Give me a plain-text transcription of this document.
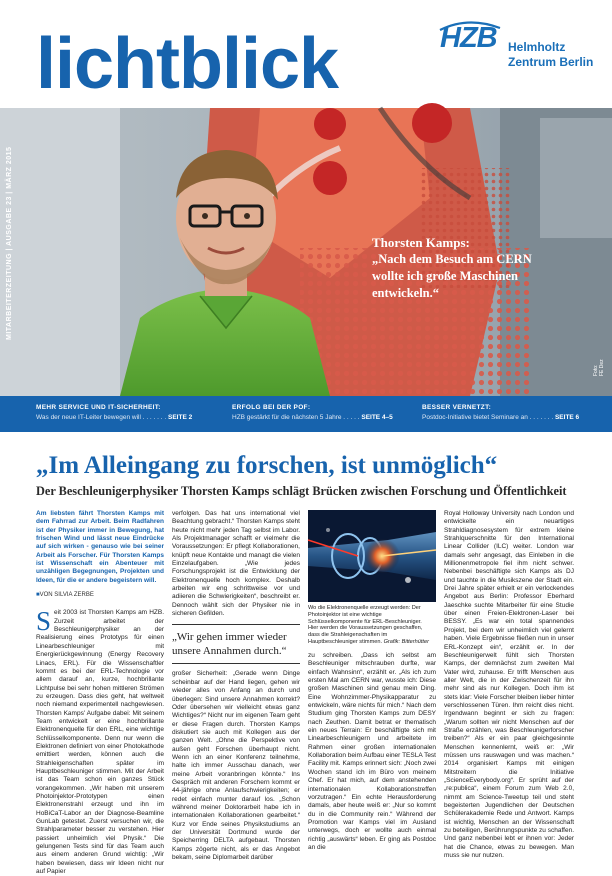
lichtblick	HZB Helmholtz
Zentrum Berlin
MITARBEITERZEITUNG | AUSGABE 23 | MÄRZ 2015	Thorsten Kamps:
„Nach dem Besuch am CERN wollte ich große Maschinen entwickeln.“
Foto: FE Dez
MEHR SERVICE UND IT-SICHERHEIT:
Was der neue IT-Leiter bewegen will . . . . . . . SEITE 2
ERFOLG BEI DER POF:
HZB gestärkt für die nächsten 5 Jahre . . . . . SEITE 4–5
BESSER VERNETZT:
Postdoc-Initiative bietet Seminare an . . . . . . . SEITE 6
„Im Alleingang zu forschen, ist unmöglich“
Der Beschleunigerphysiker Thorsten Kamps schlägt Brücken zwischen Forschung und Öffentlichkeit
Am liebsten fährt Thorsten Kamps mit dem Fahrrad zur Arbeit. Beim Radfahren ist der Physiker immer in Bewegung, hat frischen Wind und lässt neue Eindrücke auf sich wirken - genauso wie bei seiner Arbeit als Forscher. Für Thorsten Kamps ist Wissenschaft ein Abenteuer mit unzähligen Begegnungen, Projekten und Ideen, für die er andere begeistern will.
■ VON SILVIA ZERBE
S eit 2003 ist Thorsten Kamps am HZB. Zurzeit arbeitet der Beschleunigerphysiker an der Realisierung eines Prototyps für einen Linearbeschleuniger mit Energierückgewinnung (Energy Recovery Linacs, ERL). Für die Wissenschaftler kommt es bei der ERL-Technologie vor allem darauf an, kurze, hochbrillante Lichtpulse bei sehr hohen mittleren Strömen zu erzeugen. Dass dies geht, hat weltweit noch niemand experimentell nachgewiesen. Thorsten Kamps' Aufgabe dabei: Mit seinem Team entwickelt er eine hochbrillante Elektronenquelle für den ERL, eine wichtige Schlüsselkomponente. Denn nur wenn die Elektronen definiert von einer Photokathode emittiert werden, können auch die Strahleigenschaften später im Hauptbeschleuniger stimmen. Mit der Arbeit ist das Team schon ein ganzes Stück vorangekommen. „Wir haben mit unserem Photoinjektor-Prototypen einen Elektronenstrahl erzeugt und ihn im HoBiCaT-Labor an der Diagnose-Beamline GunLab getestet. Zuerst versuchen wir, die Strahlparameter besser zu verstehen. Hier passiert unheimlich viel Physik.“ Die gelungenen Tests sind für das Team auch aus einem anderen Grund wichtig: „Wir haben bewiesen, dass wir Ideen nicht nur auf Papier

verfolgen. Das hat uns international viel Beachtung gebracht.“ Thorsten Kamps steht heute nicht mehr jeden Tag selbst im Labor. Als Projektmanager schafft er vielmehr die Voraussetzungen: Er pflegt Kollaborationen, knüpft neue Kontakte und managt die vielen Einzelaufgaben. „Wie jedes Forschungsprojekt ist die Entwicklung der Elektronenquelle hoch komplex. Deshalb arbeiten wir eng schrittweise vor und adiieren die Schwierigkeiten“, beschreibt er. Dennoch wählt sich der Physiker nie in sicheren Gefilden.

„Wir gehen immer wieder unsere Annahmen durch.“

großer Sicherheit: „Gerade wenn Dinge scheinbar auf der Hand liegen, gehen wir wieder alles von Anfang an durch und überlegen: Sind unsere Annahmen korrekt? Oder übersehen wir vielleicht etwas ganz Wichtiges?“ Nicht nur im eigenen Team geht er diese Fragen durch. Thorsten Kamps diskutiert sie auch mit Kollegen aus der ganzen Welt. „Ohne die Perspektive von außen geht Forschen überhaupt nicht. Wenn ich an einer Konferenz teilnehme, halte ich immer Ausschau danach, wer meine Arbeit voranbringen könnte.“ Ins Gespräch mit anderen Forschern kommt er 44-jährige ohne Anlaufschwierigkeiten; er redet einfach munter darauf los. „Schon während meiner Doktorarbeit habe ich in internationalen Kollaborationen gearbeitet.“ Kurz vor Ende seines Physikstudiums an der Universität Dortmund wurde der Speicherring DELTA aufgebaut. Thorsten Kamps zögerte nicht, als er das Angebot bekam, seine Diplomarbeit darüber

Wo die Elektronenquelle erzeugt werden: Der Photoinjektor ist eine wichtige Schlüsselkomponente für ERL-Beschleuniger. Hier werden die Voraussetzungen geschaffen, dass die Strahleigenschaften im Hauptbeschleuniger stimmen. Grafik: Bitterhütter

zu schreiben. „Dass ich selbst am Beschleuniger mitschrauben durfte, war einfach Wahnsinn“, erzählt er. „Als ich zum ersten Mal am CERN war, wusste ich: Diese großen Maschinen sind genau mein Ding. Eine Wohnzimmer-Physikapparatur zu entwickeln, wäre nichts für mich.“ Nach dem Studium ging Thorsten Kamps zum DESY nach Zeuthen. Damit betrat er thematisch ein neues Terrain: Er beschäftigte sich mit Linearbeschleunigern und arbeitete im Rahmen einer großen internationalen Kollaboration beim Aufbau einer TESLA Test Facility mit. Kamps erinnert sich: „Noch zwei Wochen stand ich im Büro von meinem Chef. Er hat mich, auf dem anstehenden internationalen Kollaborationstreffen vorzutragen.“ Ein echte Herausforderung damals, aber heute weiß er: „Nur so kommt du in die Community rein.“ Während der Promotion war Kamps viel im Ausland unterwegs, doch er wollte auch einmal richtig „auswärts“ leben. Er ging als Postdoc an die

Royal Holloway University nach London und entwickelte ein neuartiges Strahldiagnosesystem für extrem kleine Strahlquerschnitte für den International Linear Collider (ILC) weiter. London war damals sehr angesagt, das Einleben in die Millionenmetropole fiel ihm nicht schwer. Nebenbei beschäftigte sich Kamps als DJ und tauchte in die Musikszene der Stadt ein. Drei Jahre später erhielt er ein verlockendes Angebot aus Berlin: Professor Eberhard Jaeschke suchte Mitarbeiter für eine Studie über einen Freien-Elektronen-Laser bei BESSY. „Es war ein total spannendes Projekt, bei dem wir unheimlich viel gelernt haben. Viele Ergebnisse fließen nun in unser ERL-Konzept ein“, erzählt er. In der Beschleunigerwelt fühlt sich Thorsten Kamps, der demnächst zum zweiten Mal Vater wird, zuhause. Er trifft Menschen aus aller Welt, die in der Zwischenzeit für ihn mehr sind als nur Kollegen. Doch ihm ist stets klar: Viele Forscher bleiben lieber hinter verschlossenen Türen. Ihm reicht dies nicht. Irgendwann beginnt er sich zu fragen: „Warum sollten wir nicht Menschen auf der Straße erzählen, was Beschleunigerforscher treiben?“ Als er ein paar gleichgesinnte Menschen kennenlernt, weiß er: „Wir müssen uns rauswagen und was machen.“ 2014 organisiert Kamps mit einigen Mitstreitern die Initiative „ScienceEverybody.org“. Er sprüht auf der „re:publica“, einem Forum zum Web 2.0, nimmt am Science-Tweetup teil und steht begeisterten Jugendlichen der Deutschen Schülerakademie Rede und Antwort. Kamps ist wichtig, Menschen an der Wissenschaft zu beteiligen, Berührungspunkte zu schaffen. Und ganz nebenbei lebt er ihnen vor: Jeder hat die Chance, etwas zu bewegen. Man muss sie nur nutzen.
